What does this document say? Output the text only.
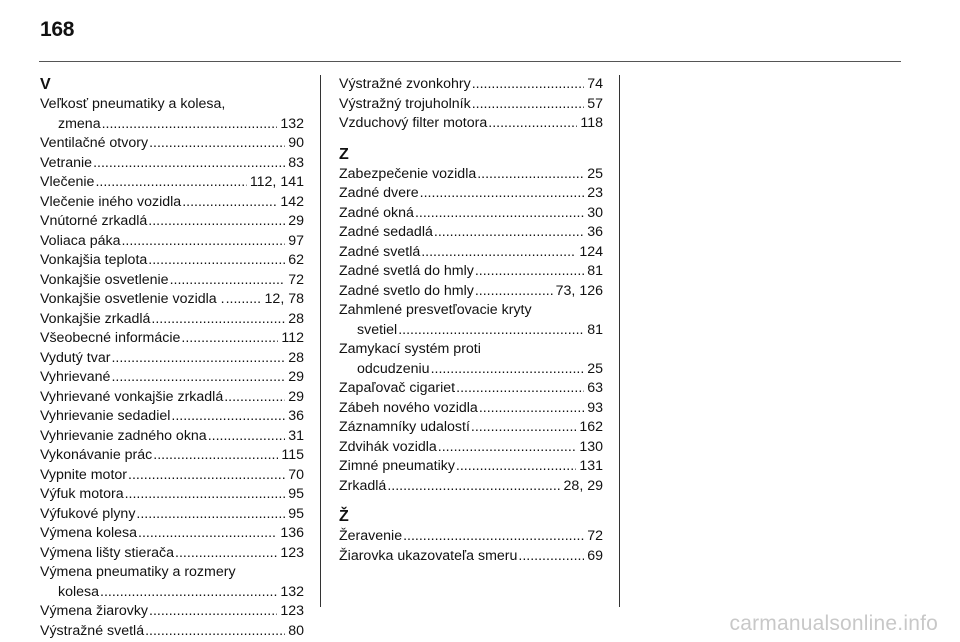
168
V
Veľkosť pneumatiky a kolesa,
zmena .....	132
Ventilačné otvory .....	90
Vetranie .....	83
Vlečenie .....	112, 141
Vlečenie iného vozidla .....	142
Vnútorné zrkadlá .....	29
Voliaca páka .....	97
Vonkajšia teplota .....	62
Vonkajšie osvetlenie .....	72
Vonkajšie osvetlenie vozidla . .....	12, 78
Vonkajšie zrkadlá .....	28
Všeobecné informácie .....	112
Vydutý tvar .....	28
Vyhrievané .....	29
Vyhrievané vonkajšie zrkadlá .....	29
Vyhrievanie sedadiel .....	36
Vyhrievanie zadného okna .....	31
Vykonávanie prác .....	115
Vypnite motor .....	70
Výfuk motora .....	95
Výfukové plyny .....	95
Výmena kolesa .....	136
Výmena lišty stierača .....	123
Výmena pneumatiky a rozmery
kolesa .....	132
Výmena žiarovky .....	123
Výstražné svetlá .....	80
Výstražné zvonkohry .....	74
Výstražný trojuholník .....	57
Vzduchový filter motora .....	118
Z
Zabezpečenie vozidla .....	25
Zadné dvere .....	23
Zadné okná .....	30
Zadné sedadlá .....	36
Zadné svetlá .....	124
Zadné svetlá do hmly .....	81
Zadné svetlo do hmly .....	73, 126
Zahmlené presvetľovacie kryty
svetiel .....	81
Zamykací systém proti
odcudzeniu .....	25
Zapaľovač cigariet .....	63
Zábeh nového vozidla .....	93
Záznamníky udalostí .....	162
Zdvihák vozidla .....	130
Zimné pneumatiky .....	131
Zrkadlá .....	28, 29
Ž
Žeravenie .....	72
Žiarovka ukazovateľa smeru .....	69
carmanualsonline.info
